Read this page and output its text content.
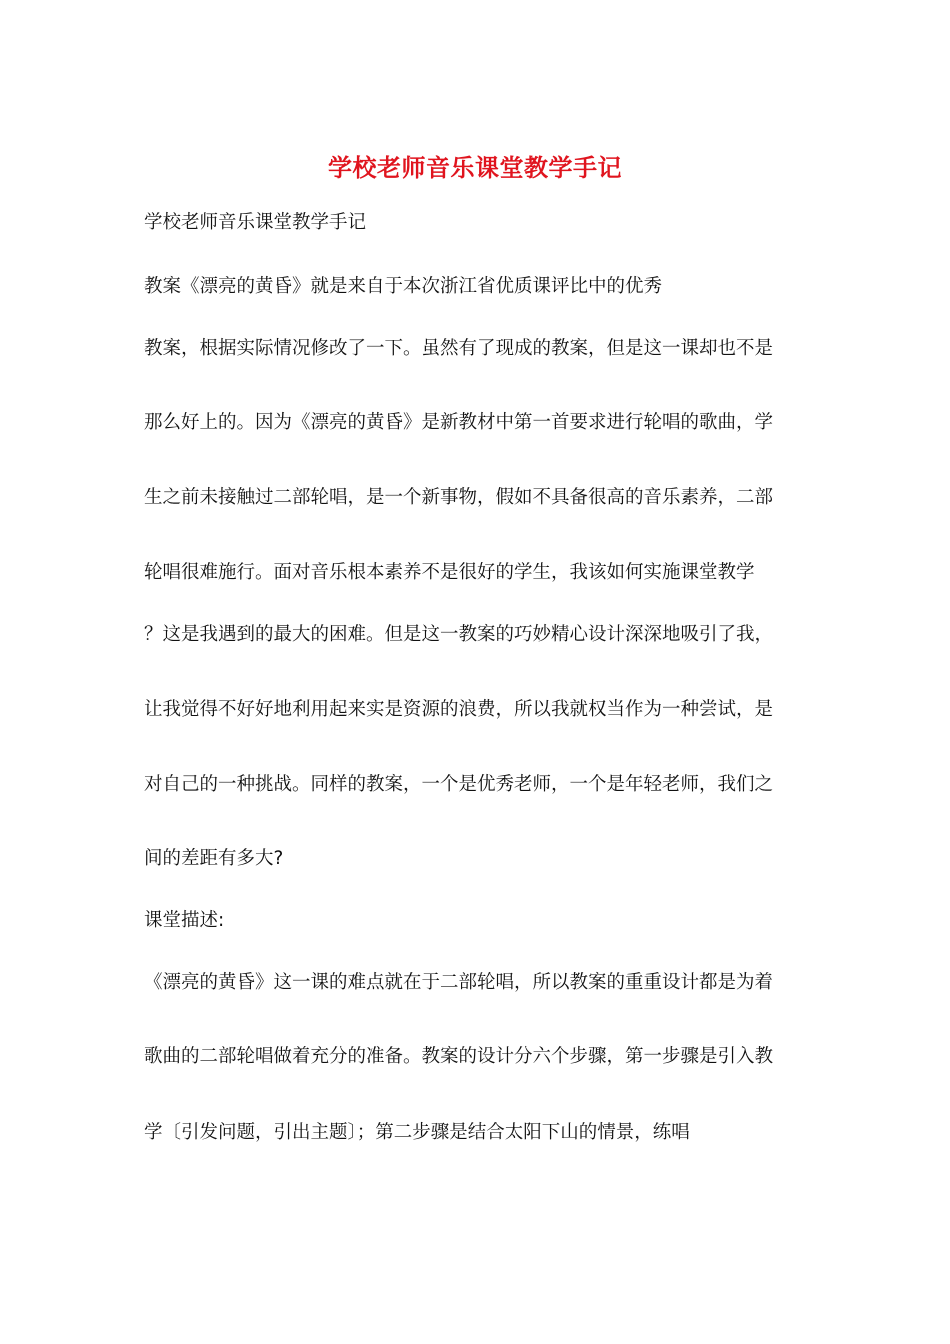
学校老师音乐课堂教学手记
学校老师音乐课堂教学手记
教案《漂亮的黄昏》就是来自于本次浙江省优质课评比中的优秀
教案，根据实际情况修改了一下。虽然有了现成的教案，但是这一课却也不是
那么好上的。因为《漂亮的黄昏》是新教材中第一首要求进行轮唱的歌曲，学
生之前未接触过二部轮唱，是一个新事物，假如不具备很高的音乐素养，二部
轮唱很难施行。面对音乐根本素养不是很好的学生，我该如何实施课堂教学
？这是我遇到的最大的困难。但是这一教案的巧妙精心设计深深地吸引了我，
让我觉得不好好地利用起来实是资源的浪费，所以我就权当作为一种尝试，是
对自己的一种挑战。同样的教案，一个是优秀老师，一个是年轻老师，我们之
间的差距有多大?
课堂描述:
《漂亮的黄昏》这一课的难点就在于二部轮唱，所以教案的重重设计都是为着
歌曲的二部轮唱做着充分的准备。教案的设计分六个步骤，第一步骤是引入教
学〔引发问题，引出主题〕；第二步骤是结合太阳下山的情景，练唱
